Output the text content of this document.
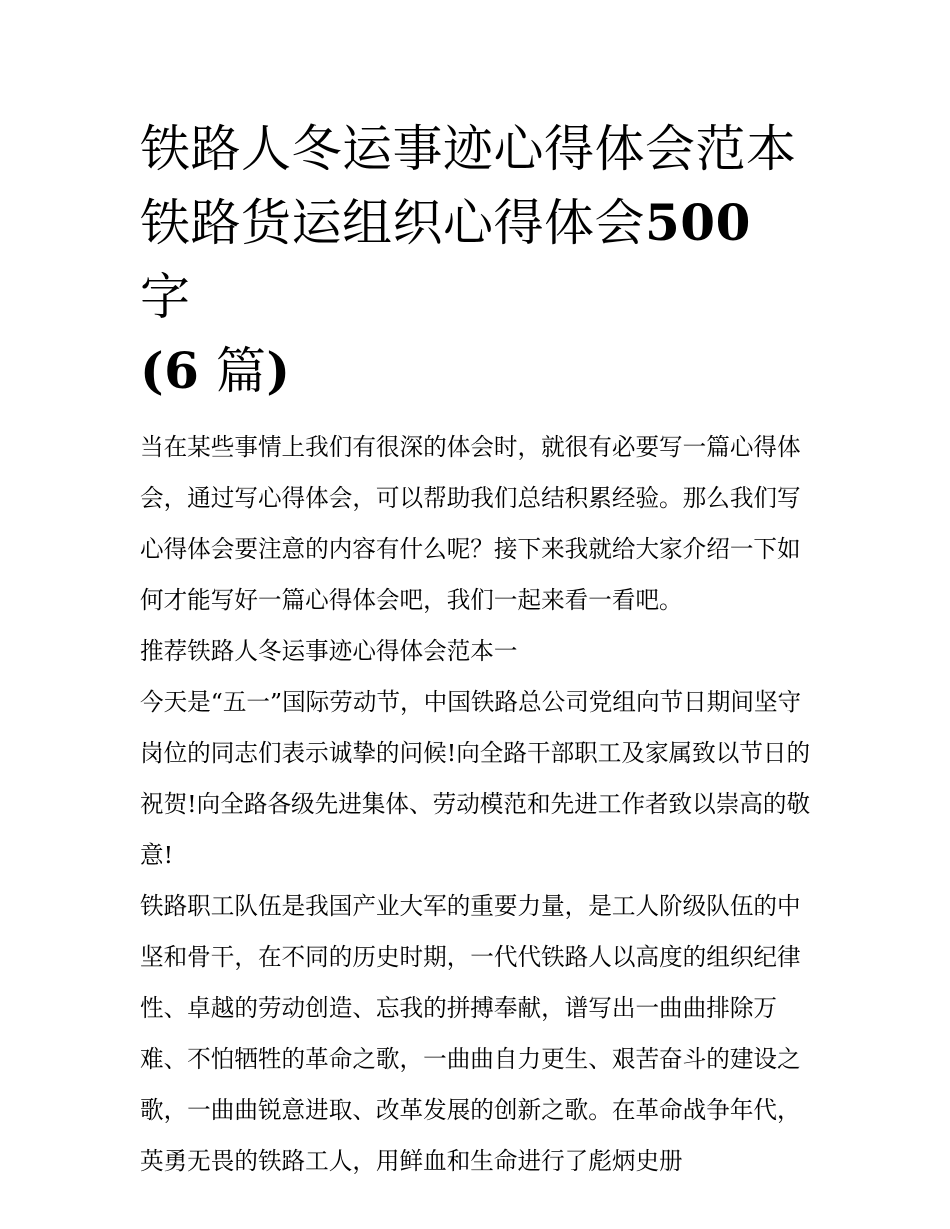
铁路人冬运事迹心得体会范本
铁路货运组织心得体会500 字
(6 篇)

当在某些事情上我们有很深的体会时，就很有必要写一篇心得体会，通过写心得体会，可以帮助我们总结积累经验。那么我们写心得体会要注意的内容有什么呢？接下来我就给大家介绍一下如何才能写好一篇心得体会吧，我们一起来看一看吧。

推荐铁路人冬运事迹心得体会范本一

今天是“五一”国际劳动节，中国铁路总公司党组向节日期间坚守岗位的同志们表示诚挚的问候!向全路干部职工及家属致以节日的祝贺!向全路各级先进集体、劳动模范和先进工作者致以崇高的敬意!

铁路职工队伍是我国产业大军的重要力量，是工人阶级队伍的中坚和骨干，在不同的历史时期，一代代铁路人以高度的组织纪律性、卓越的劳动创造、忘我的拼搏奉献，谱写出一曲曲排除万难、不怕牺牲的革命之歌，一曲曲自力更生、艰苦奋斗的建设之歌，一曲曲锐意进取、改革发展的创新之歌。在革命战争年代，英勇无畏的铁路工人，用鲜血和生命进行了彪炳史册
